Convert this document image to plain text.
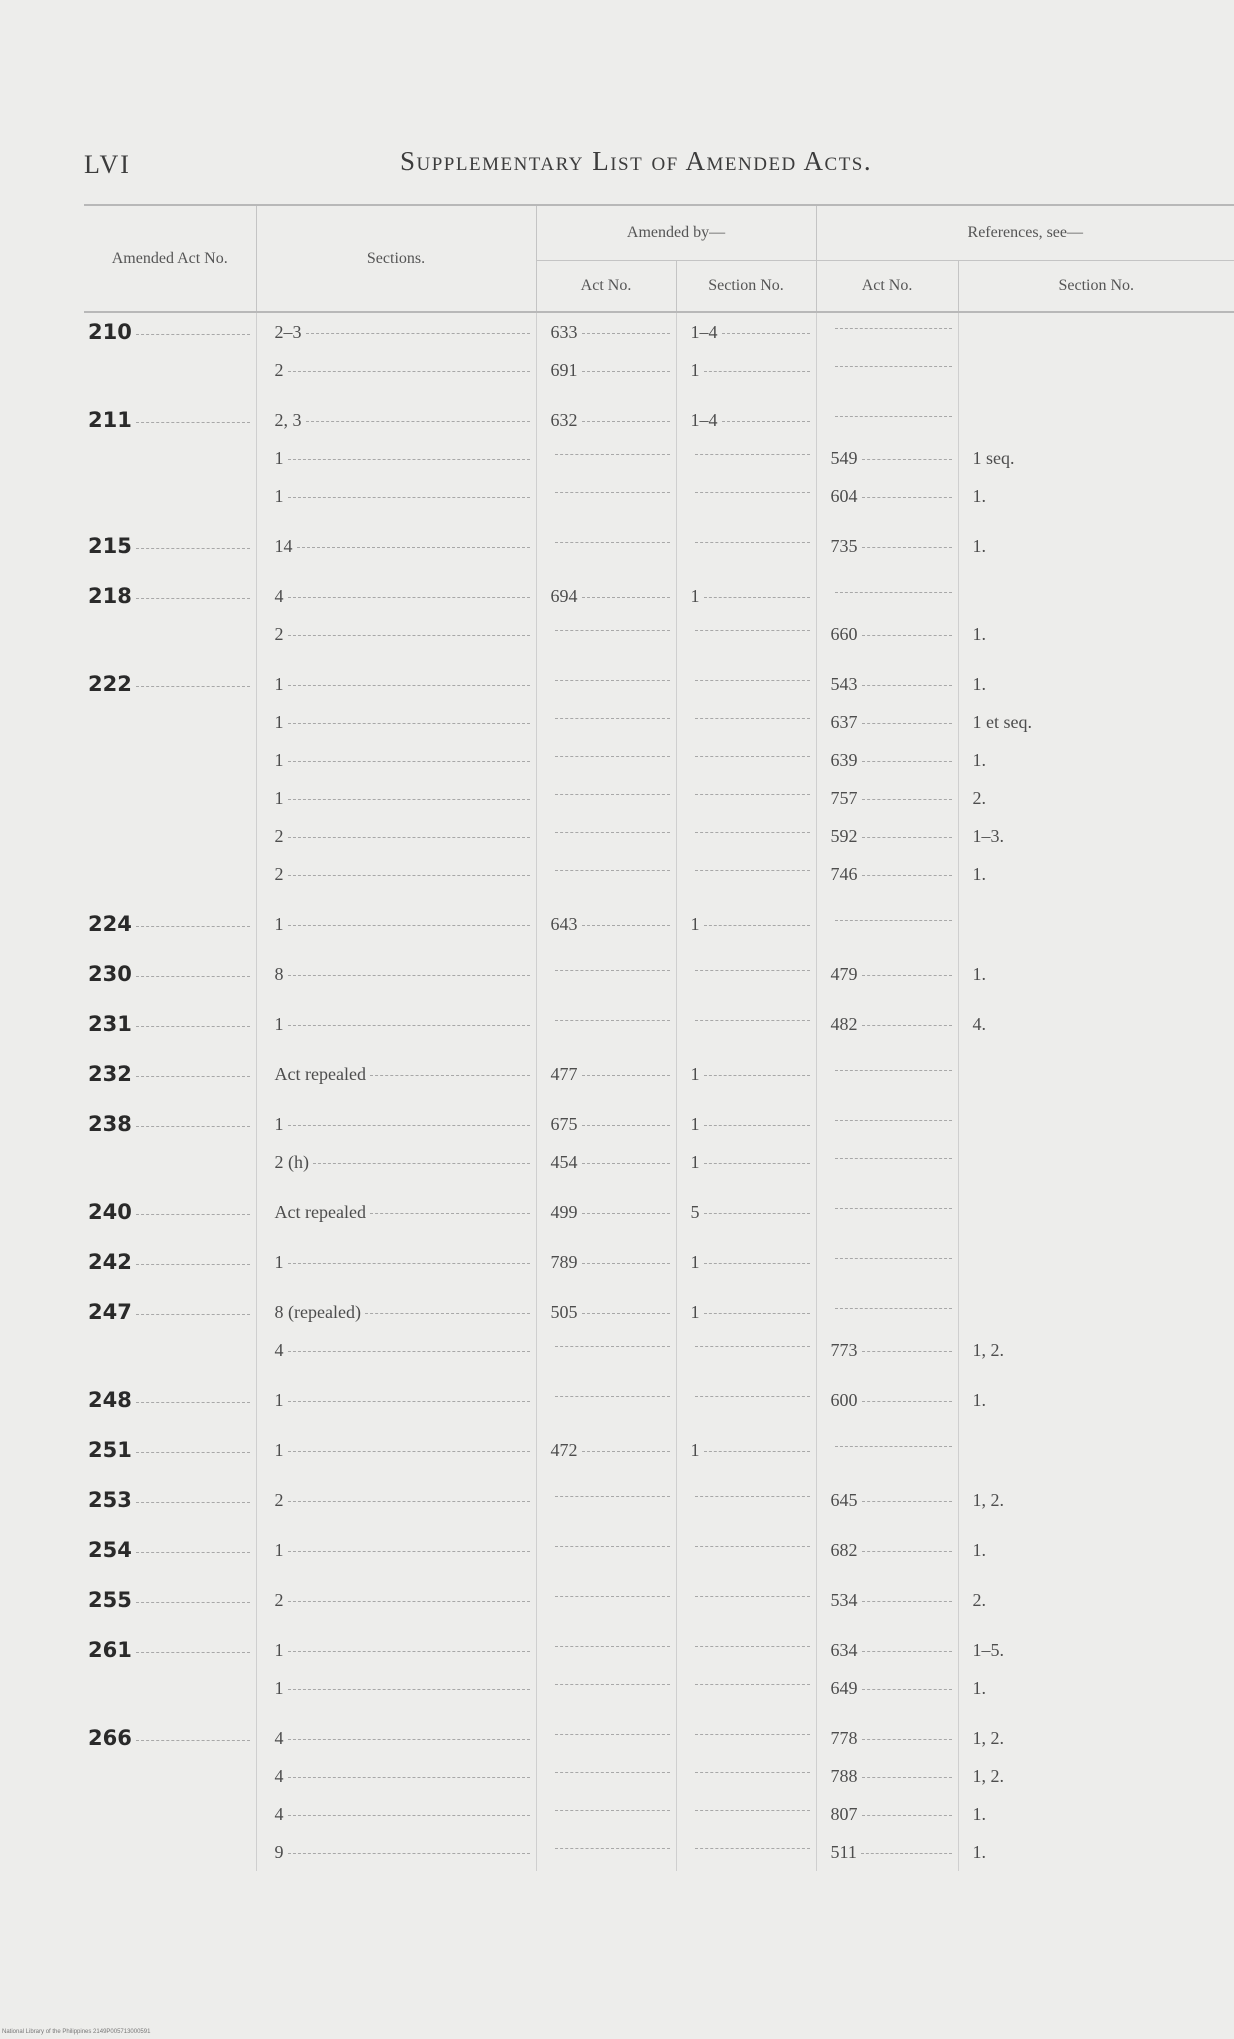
LVI	Supplementary List of Amended Acts.
Amended Act No.	Sections.	Amended by—		References, see—	
		Act No.	Section No.	Act No.	Section No.

210	2–3	633	1–4		

	2	691	1		

211	2, 3	632	1–4		

	1			549	1 seq.

	1			604	1.

215	14			735	1.

218	4	694	1		

	2			660	1.

222	1			543	1.

	1			637	1 et seq.

	1			639	1.

	1			757	2.

	2			592	1–3.

	2			746	1.

224	1	643	1		

230	8			479	1.

231	1			482	4.

232	Act repealed	477	1		

238	1	675	1		

	2 (h)	454	1		

240	Act repealed	499	5		

242	1	789	1		

247	8 (repealed)	505	1		

	4			773	1, 2.

248	1			600	1.

251	1	472	1		

253	2			645	1, 2.

254	1			682	1.

255	2			534	2.

261	1			634	1–5.

	1			649	1.

266	4			778	1, 2.

	4			788	1, 2.

	4			807	1.

	9			511	1.
National Library of the Philippines 2149P005713000591
